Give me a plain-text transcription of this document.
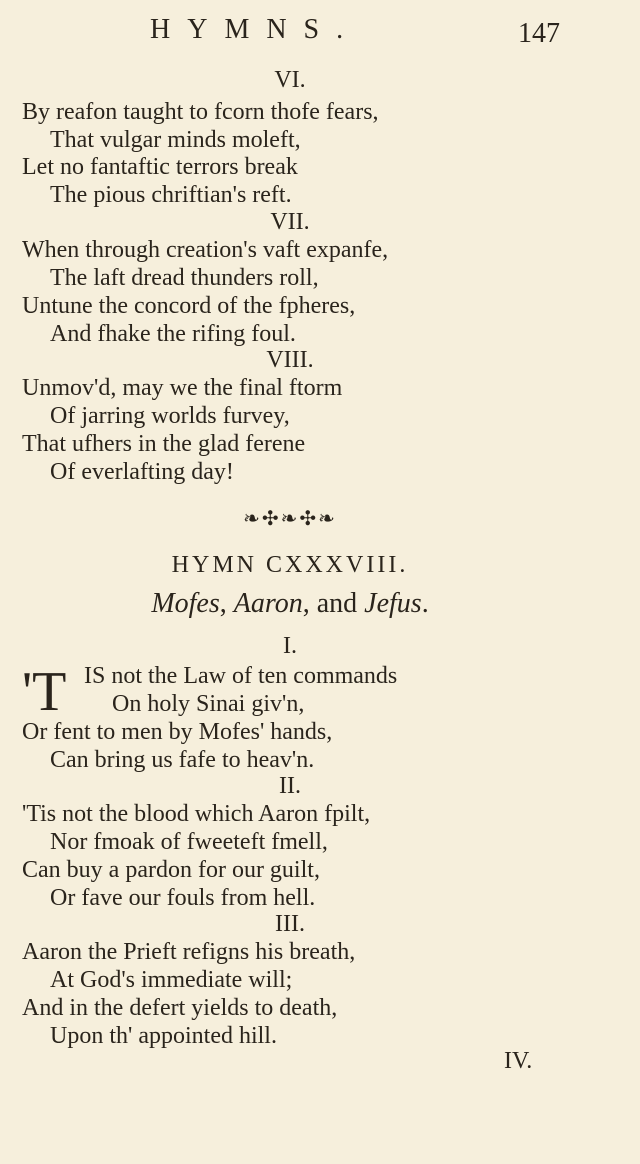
HYMNS.	147
VI.
By reafon taught to fcorn thofe fears,
That vulgar minds moleft,
Let no fantaftic terrors break
The pious chriftian's reft.
VII.
When through creation's vaft expanfe,
The laft dread thunders roll,
Untune the concord of the fpheres,
And fhake the rifing foul.
VIII.
Unmov'd, may we the final ftorm
Of jarring worlds furvey,
That ufhers in the glad ferene
Of everlafting day!
❧✣❧✣❧
HYMN CXXXVIII.
Mofes, Aaron, and Jefus.
I.
'T IS not the Law of ten commands
On holy Sinai giv'n,
Or fent to men by Mofes' hands,
Can bring us fafe to heav'n.
II.
'Tis not the blood which Aaron fpilt,
Nor fmoak of fweeteft fmell,
Can buy a pardon for our guilt,
Or fave our fouls from hell.
III.
Aaron the Prieft refigns his breath,
At God's immediate will;
And in the defert yields to death,
Upon th' appointed hill.
IV.
